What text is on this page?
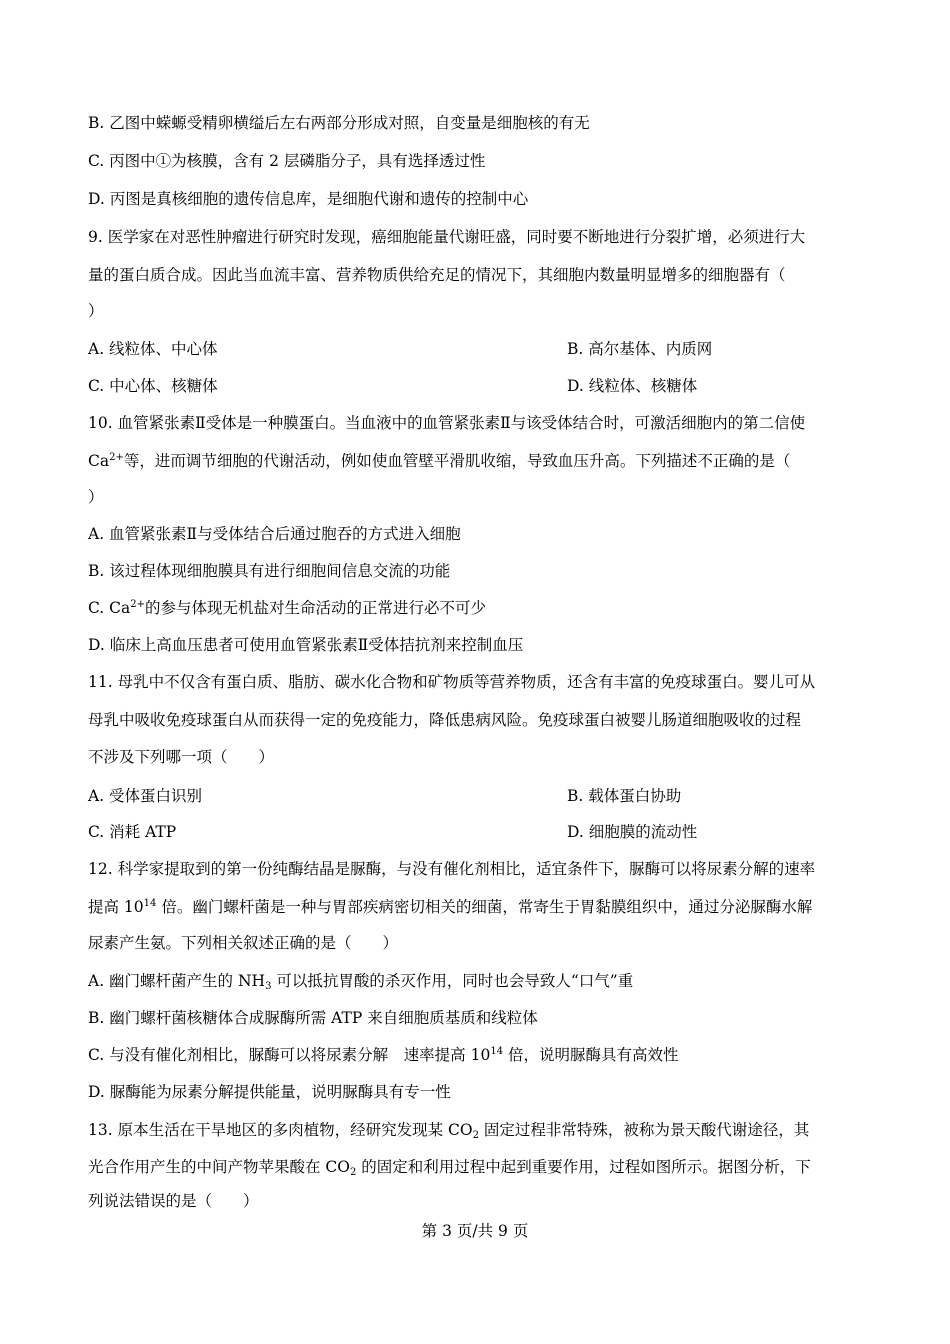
B. 乙图中蝾螈受精卵横缢后左右两部分形成对照，自变量是细胞核的有无
C. 丙图中①为核膜，含有 2 层磷脂分子，具有选择透过性
D. 丙图是真核细胞的遗传信息库，是细胞代谢和遗传的控制中心
9. 医学家在对恶性肿瘤进行研究时发现，癌细胞能量代谢旺盛，同时要不断地进行分裂扩增，必须进行大
量的蛋白质合成。因此当血流丰富、营养物质供给充足的情况下，其细胞内数量明显增多的细胞器有（
）
A. 线粒体、中心体	B. 高尔基体、内质网
C. 中心体、核糖体	D. 线粒体、核糖体
10. 血管紧张素Ⅱ受体是一种膜蛋白。当血液中的血管紧张素Ⅱ与该受体结合时，可激活细胞内的第二信使
$Ca^{2+}$等，进而调节细胞的代谢活动，例如使血管壁平滑肌收缩，导致血压升高。下列描述不正确的是（
）
A. 血管紧张素Ⅱ与受体结合后通过胞吞的方式进入细胞
B. 该过程体现细胞膜具有进行细胞间信息交流的功能
C. $Ca^{2+}$的参与体现无机盐对生命活动的正常进行必不可少
D. 临床上高血压患者可使用血管紧张素Ⅱ受体拮抗剂来控制血压
11. 母乳中不仅含有蛋白质、脂肪、碳水化合物和矿物质等营养物质，还含有丰富的免疫球蛋白。婴儿可从
母乳中吸收免疫球蛋白从而获得一定的免疫能力，降低患病风险。免疫球蛋白被婴儿肠道细胞吸收的过程
不涉及下列哪一项（　　）
A. 受体蛋白识别	B. 载体蛋白协助
C. 消耗 ATP	D. 细胞膜的流动性
12. 科学家提取到的第一份纯酶结晶是脲酶，与没有催化剂相比，适宜条件下，脲酶可以将尿素分解的速率
提高 $10^{14}$ 倍。幽门螺杆菌是一种与胃部疾病密切相关的细菌，常寄生于胃黏膜组织中，通过分泌脲酶水解
尿素产生氨。下列相关叙述正确的是（　　）
A. 幽门螺杆菌产生的 $NH_3$ 可以抵抗胃酸的杀灭作用，同时也会导致人“口气”重
B. 幽门螺杆菌核糖体合成脲酶所需 ATP 来自细胞质基质和线粒体
C. 与没有催化剂相比，脲酶可以将尿素分解　速率提高 $10^{14}$ 倍，说明脲酶具有高效性
D. 脲酶能为尿素分解提供能量，说明脲酶具有专一性
13. 原本生活在干旱地区的多肉植物，经研究发现某 $CO_2$ 固定过程非常特殊，被称为景天酸代谢途径，其
光合作用产生的中间产物苹果酸在 $CO_2$ 的固定和利用过程中起到重要作用，过程如图所示。据图分析，下
列说法错误的是（　　）
第 3 页/共 9 页
